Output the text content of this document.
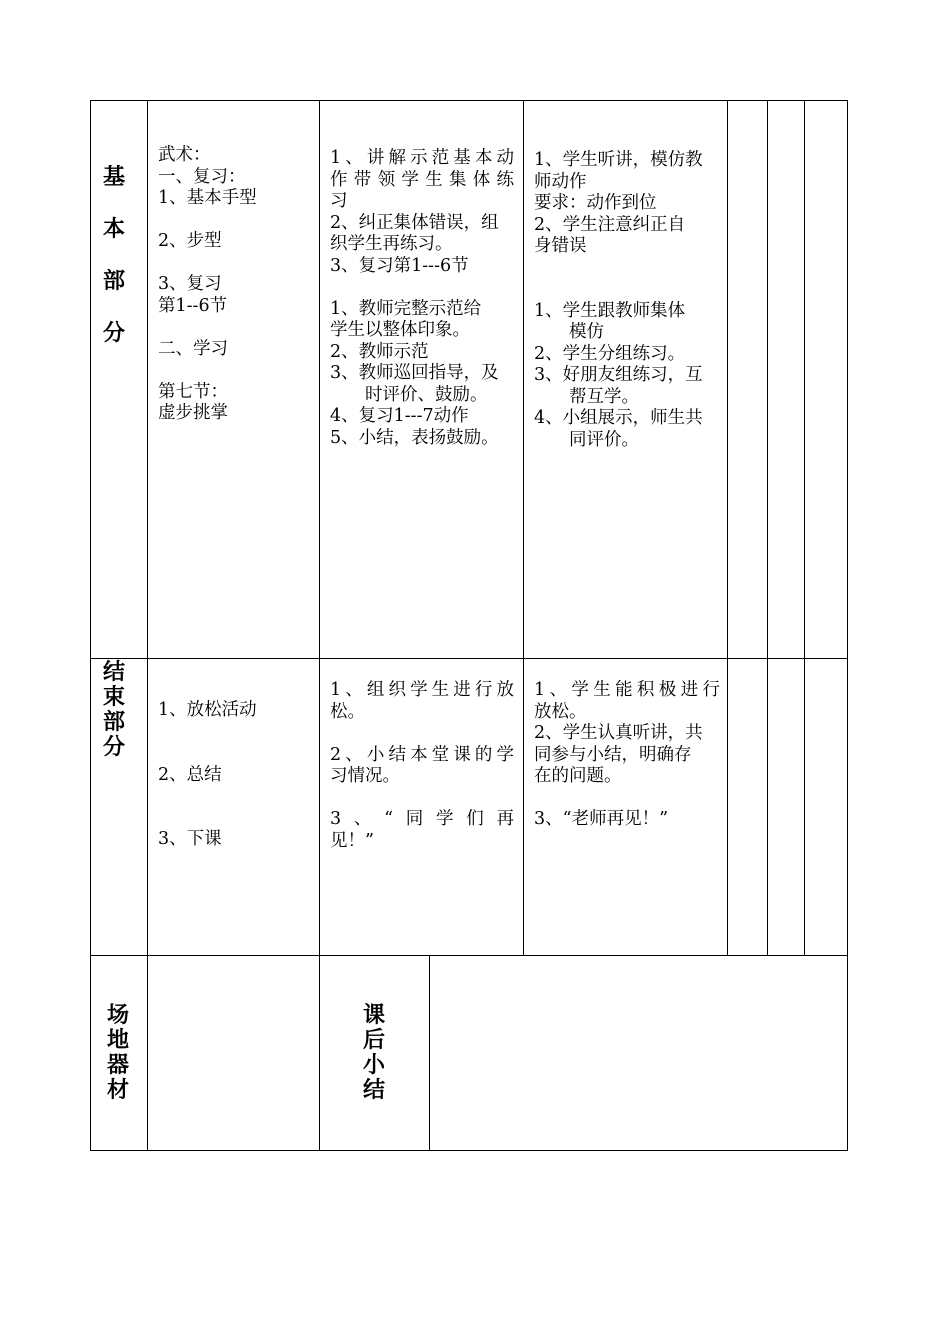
基
本
部
分
武术：
一、复习：
1、基本手型

2、步型

3、复习
第1--6节

二、学习

第七节：
虚步挑掌
1、讲解示范基本动
作带领学生集体练
习
2、纠正集体错误，组
织学生再练习。
3、复习第1---6节

1、教师完整示范给
学生以整体印象。
2、教师示范
3、教师巡回指导，及
时评价、鼓励。
4、复习1---7动作
5、小结，表扬鼓励。
1、学生听讲，模仿教
师动作
要求：动作到位
2、学生注意纠正自
身错误

1、学生跟教师集体
模仿
2、学生分组练习。
3、好朋友组练习，互
帮互学。
4、小组展示，师生共
同评价。
结
束
部
分
1、放松活动

2、总结

3、下课
1、组织学生进行放
松。

2、小结本堂课的学
习情况。

3、“同学们再
见！”
1、学生能积极进行
放松。
2、学生认真听讲，共
同参与小结，明确存
在的问题。

3、“老师再见！”
场
地
器
材
课
后
小
结
